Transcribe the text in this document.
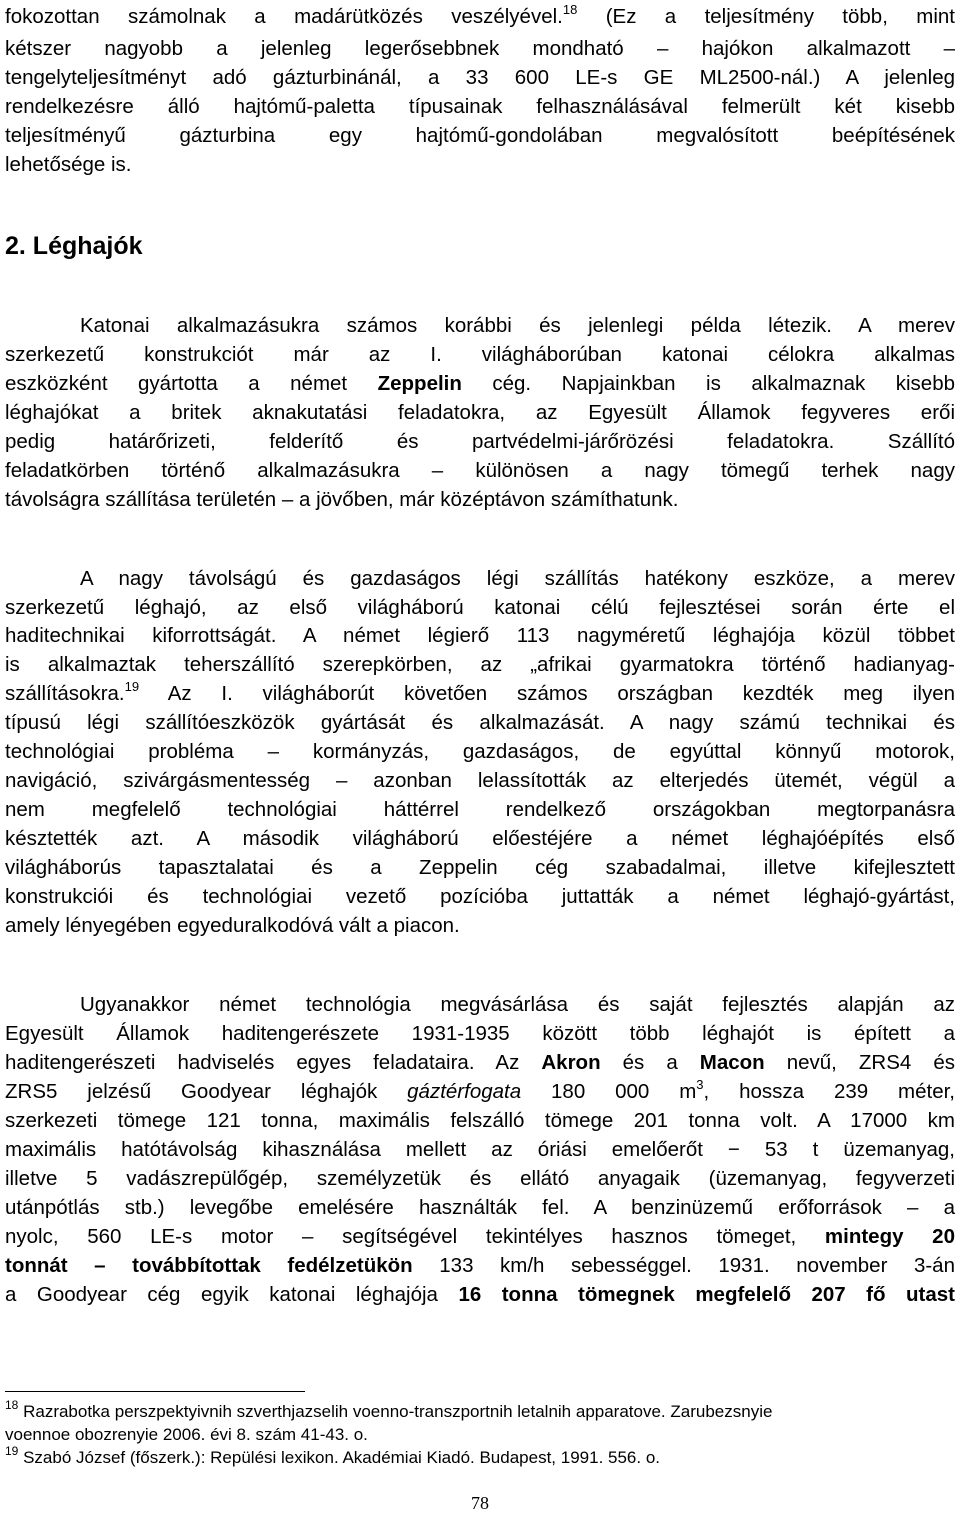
fokozottan számolnak a madárütközés veszélyével.$^{18}$ (Ez a teljesítmény több, mint
kétszer nagyobb a jelenleg legerősebbnek mondható – hajókon alkalmazott –
tengelyteljesítményt adó gázturbinánál, a 33 600 LE-s GE ML2500-nál.) A jelenleg
rendelkezésre álló hajtómű-paletta típusainak felhasználásával felmerült két kisebb
teljesítményű gázturbina egy hajtómű-gondolában megvalósított beépítésének
lehetősége is.
2. Léghajók
Katonai alkalmazásukra számos korábbi és jelenlegi példa létezik. A merev
szerkezetű konstrukciót már az I. világháborúban katonai célokra alkalmas
eszközként gyártotta a német Zeppelin cég. Napjainkban is alkalmaznak kisebb
léghajókat a britek aknakutatási feladatokra, az Egyesült Államok fegyveres erői
pedig határőrizeti, felderítő és partvédelmi-járőrözési feladatokra. Szállító
feladatkörben történő alkalmazásukra – különösen a nagy tömegű terhek nagy
távolságra szállítása területén – a jövőben, már középtávon számíthatunk.
A nagy távolságú és gazdaságos légi szállítás hatékony eszköze, a merev
szerkezetű léghajó, az első világháború katonai célú fejlesztései során érte el
haditechnikai kiforrottságát. A német légierő 113 nagyméretű léghajója közül többet
is alkalmaztak teherszállító szerepkörben, az „afrikai gyarmatokra történő hadianyag-
szállításokra.$^{19}$ Az I. világháborút követően számos országban kezdték meg ilyen
típusú légi szállítóeszközök gyártását és alkalmazását. A nagy számú technikai és
technológiai probléma – kormányzás, gazdaságos, de egyúttal könnyű motorok,
navigáció, szivárgásmentesség – azonban lelassították az elterjedés ütemét, végül a
nem megfelelő technológiai háttérrel rendelkező országokban megtorpanásra
késztették azt. A második világháború előestéjére a német léghajóépítés első
világháborús tapasztalatai és a Zeppelin cég szabadalmai, illetve kifejlesztett
konstrukciói és technológiai vezető pozícióba juttatták a német léghajó-gyártást,
amely lényegében egyeduralkodóvá vált a piacon.
Ugyanakkor német technológia megvásárlása és saját fejlesztés alapján az
Egyesült Államok haditengerészete 1931-1935 között több léghajót is épített a
haditengerészeti hadviselés egyes feladataira. Az Akron és a Macon nevű, ZRS4 és
ZRS5 jelzésű Goodyear léghajók gáztérfogata 180 000 $m^3$, hossza 239 méter,
szerkezeti tömege 121 tonna, maximális felszálló tömege 201 tonna volt. A 17000 km
maximális hatótávolság kihasználása mellett az óriási emelőerőt − 53 t üzemanyag,
illetve 5 vadászrepülőgép, személyzetük és ellátó anyagaik (üzemanyag, fegyverzeti
utánpótlás stb.) levegőbe emelésére használták fel. A benzinüzemű erőforrások – a
nyolc, 560 LE-s motor – segítségével tekintélyes hasznos tömeget, mintegy 20
tonnát – továbbítottak fedélzetükön 133 km/h sebességgel. 1931. november 3-án
a Goodyear cég egyik katonai léghajója 16 tonna tömegnek megfelelő 207 fő utast
$^{18}$ Razrabotka perszpektyivnih szverthjazselih voenno-transzportnih letalnih apparatove. Zarubezsnyie
voennoe obozrenyie 2006. évi 8. szám 41-43. o.
$^{19}$ Szabó József (főszerk.): Repülési lexikon. Akadémiai Kiadó. Budapest, 1991. 556. o.
78
